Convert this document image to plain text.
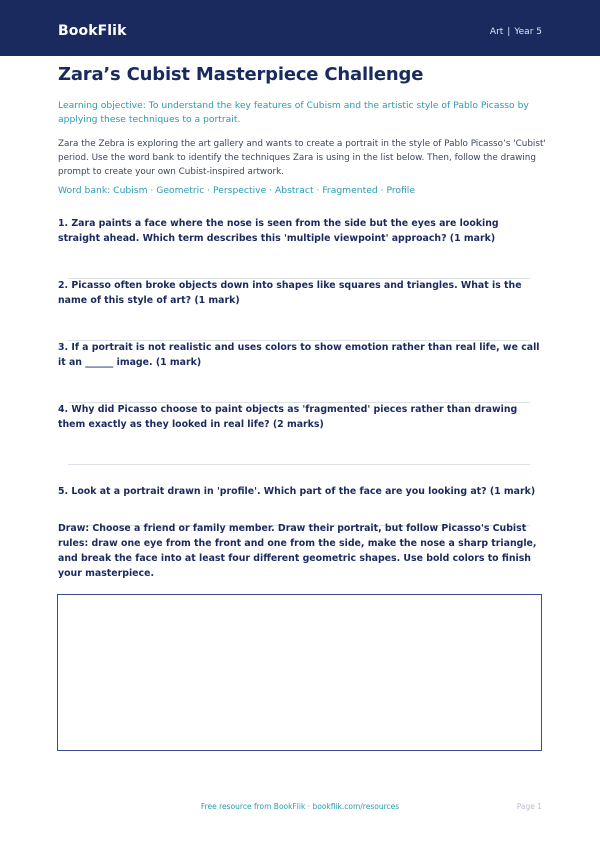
BookFlik	Art | Year 5
Zara’s Cubist Masterpiece Challenge

Learning objective: To understand the key features of Cubism and the artistic style of Pablo Picasso by applying these techniques to a portrait.

Zara the Zebra is exploring the art gallery and wants to create a portrait in the style of Pablo Picasso’s 'Cubist' period. Use the word bank to identify the techniques Zara is using in the list below. Then, follow the drawing prompt to create your own Cubist-inspired artwork.

Word bank: Cubism · Geometric · Perspective · Abstract · Fragmented · Profile

1. Zara paints a face where the nose is seen from the side but the eyes are looking straight ahead. Which term describes this 'multiple viewpoint' approach? (1 mark)

2. Picasso often broke objects down into shapes like squares and triangles. What is the name of this style of art? (1 mark)

3. If a portrait is not realistic and uses colors to show emotion rather than real life, we call it an ______ image. (1 mark)

4. Why did Picasso choose to paint objects as 'fragmented' pieces rather than drawing them exactly as they looked in real life? (2 marks)

5. Look at a portrait drawn in 'profile'. Which part of the face are you looking at? (1 mark)

Draw: Choose a friend or family member. Draw their portrait, but follow Picasso's Cubist rules: draw one eye from the front and one from the side, make the nose a sharp triangle, and break the face into at least four different geometric shapes. Use bold colors to finish your masterpiece.

Free resource from BookFlik · bookflik.com/resources	Page 1
